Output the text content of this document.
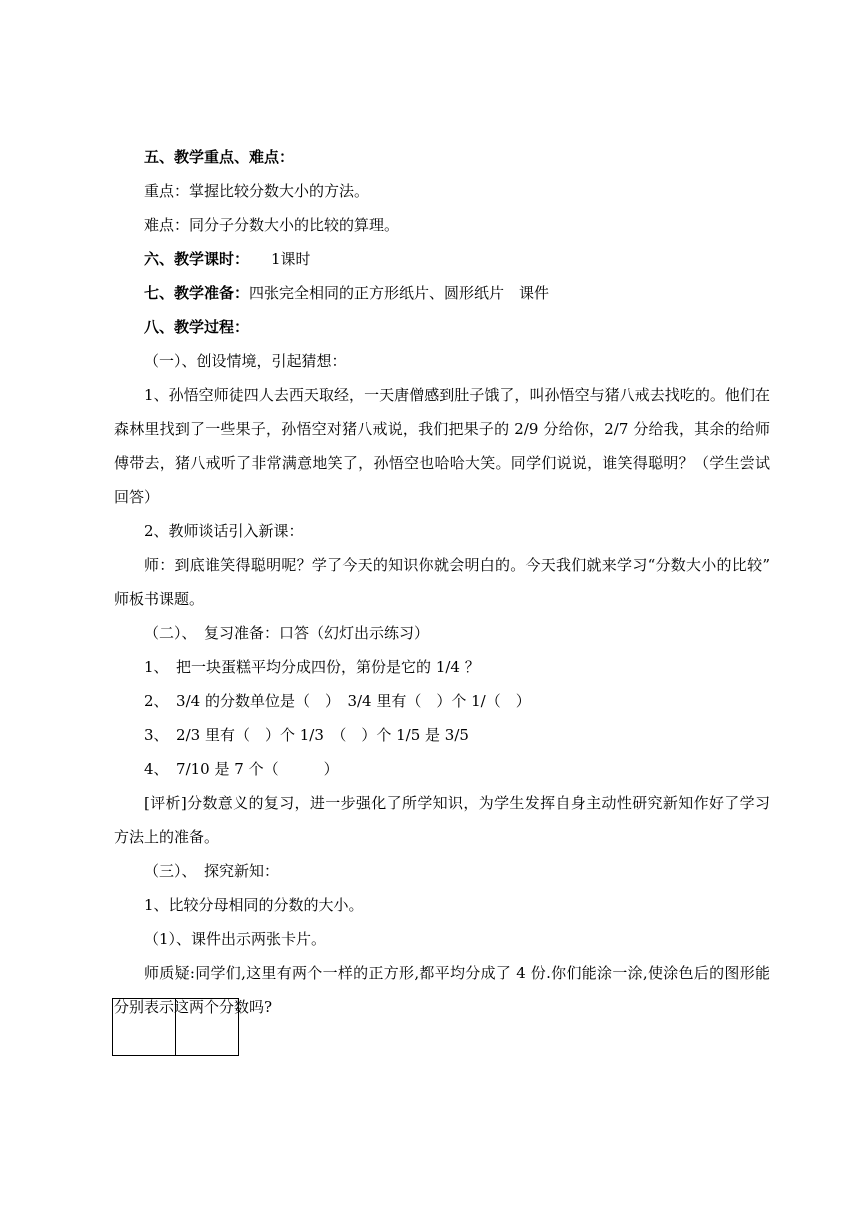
五、教学重点、难点：
重点：掌握比较分数大小的方法。
难点：同分子分数大小的比较的算理。
六、教学课时： 1课时
七、教学准备：四张完全相同的正方形纸片、圆形纸片　课件
八、教学过程：
（一）、创设情境，引起猜想：
1、孙悟空师徒四人去西天取经，一天唐僧感到肚子饿了，叫孙悟空与猪八戒去找吃的。他们在森林里找到了一些果子，孙悟空对猪八戒说，我们把果子的 2/9 分给你，2/7 分给我，其余的给师傅带去，猪八戒听了非常满意地笑了，孙悟空也哈哈大笑。同学们说说，谁笑得聪明？（学生尝试回答）
2、教师谈话引入新课：
师：到底谁笑得聪明呢？学了今天的知识你就会明白的。今天我们就来学习“分数大小的比较” 师板书课题。
（二）、　复习准备：口答（幻灯出示练习）
1、　把一块蛋糕平均分成四份，第份是它的 1/4 ？
2、　3/4 的分数单位是（　）　3/4 里有（　）个 1/（　）
3、　2/3 里有（　）个 1/3　（　）个 1/5 是 3/5
4、　7/10 是 7 个（　　　）
[评析]分数意义的复习，进一步强化了所学知识，为学生发挥自身主动性研究新知作好了学习方法上的准备。
（三）、　探究新知：
1、比较分母相同的分数的大小。
（1）、课件出示两张卡片。
师质疑:同学们,这里有两个一样的正方形,都平均分成了 4 份.你们能涂一涂,使涂色后的图形能分别表示这两个分数吗?
